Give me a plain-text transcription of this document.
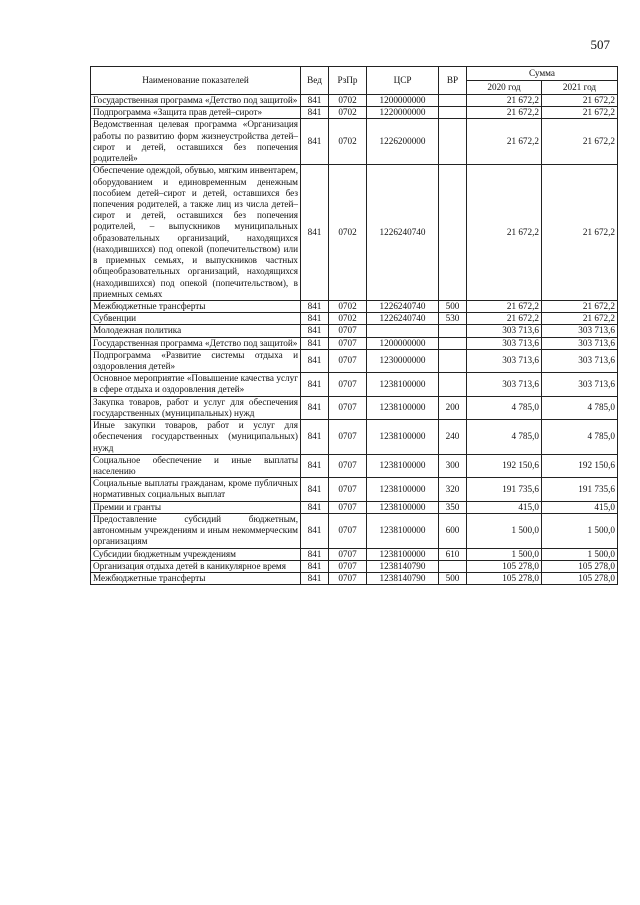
507
Наименование показателей	Вед	РзПр	ЦСР	ВР	Сумма	
					2020 год	2021 год
Государственная программа «Детство под защитой»	841	0702	1200000000		21 672,2	21 672,2
Подпрограмма «Защита прав детей–сирот»	841	0702	1220000000		21 672,2	21 672,2
Ведомственная целевая программа «Организация работы по развитию форм жизнеустройства детей–сирот и детей, оставшихся без попечения родителей»	841	0702	1226200000		21 672,2	21 672,2
Обеспечение одеждой, обувью, мягким инвентарем, оборудованием и единовременным денежным пособием детей–сирот и детей, оставшихся без попечения родителей, а также лиц из числа детей–сирот и детей, оставшихся без попечения родителей, – выпускников муниципальных образовательных организаций, находящихся (находившихся) под опекой (попечительством) или в приемных семьях, и выпускников частных общеобразовательных организаций, находящихся (находившихся) под опекой (попечительством), в приемных семьях	841	0702	1226240740		21 672,2	21 672,2
Межбюджетные трансферты	841	0702	1226240740	500	21 672,2	21 672,2
Субвенции	841	0702	1226240740	530	21 672,2	21 672,2
Молодежная политика	841	0707			303 713,6	303 713,6
Государственная программа «Детство под защитой»	841	0707	1200000000		303 713,6	303 713,6
Подпрограмма «Развитие системы отдыха и оздоровления детей»	841	0707	1230000000		303 713,6	303 713,6
Основное мероприятие «Повышение качества услуг в сфере отдыха и оздоровления детей»	841	0707	1238100000		303 713,6	303 713,6
Закупка товаров, работ и услуг для обеспечения государственных (муниципальных) нужд	841	0707	1238100000	200	4 785,0	4 785,0
Иные закупки товаров, работ и услуг для обеспечения государственных (муниципальных) нужд	841	0707	1238100000	240	4 785,0	4 785,0
Социальное обеспечение и иные выплаты населению	841	0707	1238100000	300	192 150,6	192 150,6
Социальные выплаты гражданам, кроме публичных нормативных социальных выплат	841	0707	1238100000	320	191 735,6	191 735,6
Премии и гранты	841	0707	1238100000	350	415,0	415,0
Предоставление субсидий бюджетным, автономным учреждениям и иным некоммерческим организациям	841	0707	1238100000	600	1 500,0	1 500,0
Субсидии бюджетным учреждениям	841	0707	1238100000	610	1 500,0	1 500,0
Организация отдыха детей в каникулярное время	841	0707	1238140790		105 278,0	105 278,0
Межбюджетные трансферты	841	0707	1238140790	500	105 278,0	105 278,0
